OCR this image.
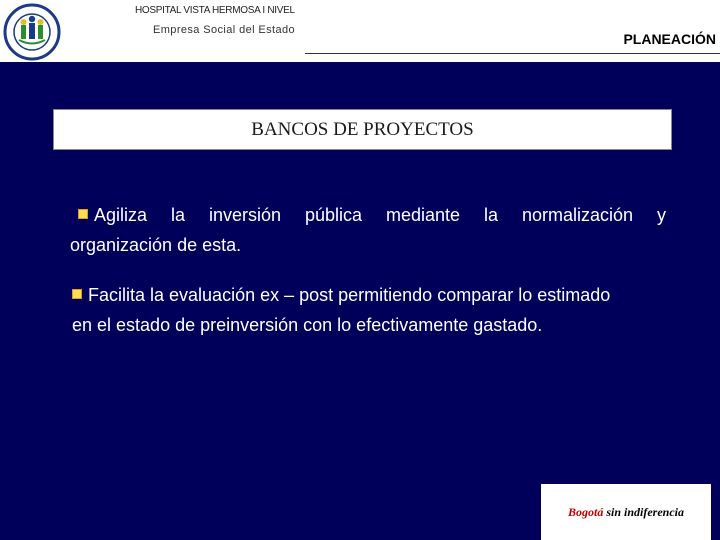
HOSPITAL VISTA HERMOSA I NIVEL
Empresa Social del Estado
PLANEACIÓN
BANCOS DE PROYECTOS
Agiliza la inversión pública mediante la normalización y
organización de esta.
Facilita la evaluación ex – post permitiendo comparar lo estimado
en el estado de preinversión con lo efectivamente gastado.
Bogotá sin indiferencia
